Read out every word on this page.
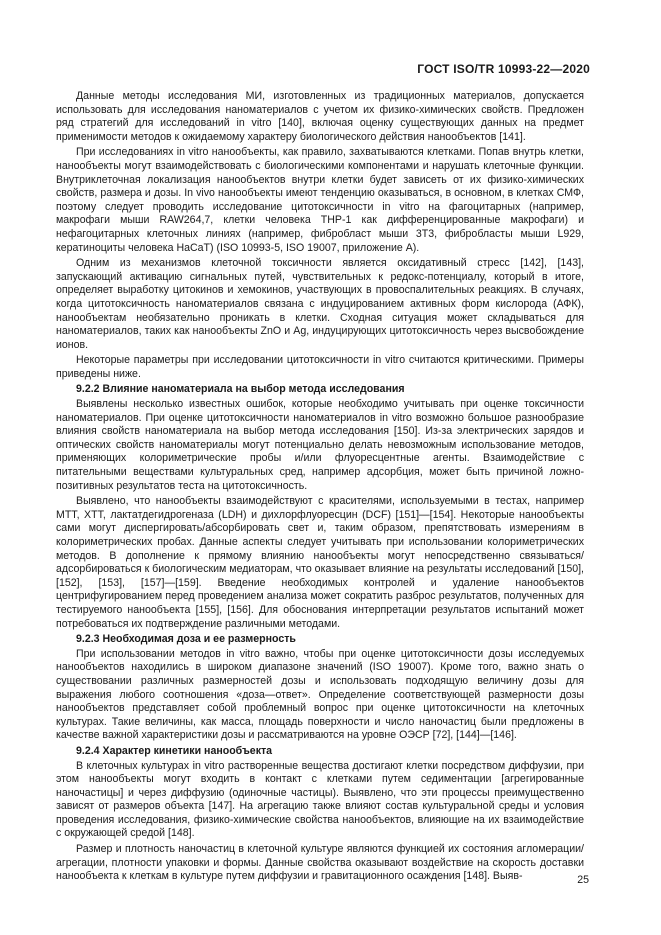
ГОСТ ISO/TR 10993-22—2020

Данные методы исследования МИ, изготовленных из традиционных материалов, допускается использовать для исследования наноматериалов с учетом их физико-химических свойств. Предложен ряд стратегий для исследований in vitro [140], включая оценку существующих данных на предмет применимости методов к ожидаемому характеру биологического действия нанообъектов [141].

При исследованиях in vitro нанообъекты, как правило, захватываются клетками. Попав внутрь клетки, нанообъекты могут взаимодействовать с биологическими компонентами и нарушать клеточные функции. Внутриклеточная локализация нанообъектов внутри клетки будет зависеть от их физико-химических свойств, размера и дозы. In vivo нанообъекты имеют тенденцию оказываться, в основном, в клетках СМФ, поэтому следует проводить исследование цитотоксичности in vitro на фагоцитарных (например, макрофаги мыши RAW264,7, клетки человека THP-1 как дифференцированные макрофаги) и нефагоцитарных клеточных линиях (например, фибробласт мыши 3Т3, фибробласты мыши L929, кератиноциты человека HaCaT) (ISO 10993-5, ISO 19007, приложение А).

Одним из механизмов клеточной токсичности является оксидативный стресс [142], [143], запускающий активацию сигнальных путей, чувствительных к редокс-потенциалу, который в итоге, определяет выработку цитокинов и хемокинов, участвующих в провоспалительных реакциях. В случаях, когда цитотоксичность наноматериалов связана с индуцированием активных форм кислорода (АФК), нанообъектам необязательно проникать в клетки. Сходная ситуация может складываться для наноматериалов, таких как нанообъекты ZnO и Ag, индуцирующих цитотоксичность через высвобождение ионов.

Некоторые параметры при исследовании цитотоксичности in vitro считаются критическими. Примеры приведены ниже.

9.2.2 Влияние наноматериала на выбор метода исследования

Выявлены несколько известных ошибок, которые необходимо учитывать при оценке токсичности наноматериалов. При оценке цитотоксичности наноматериалов in vitro возможно большое разнообразие влияния свойств наноматериала на выбор метода исследования [150]. Из-за электрических зарядов и оптических свойств наноматериалы могут потенциально делать невозможным использование методов, применяющих колориметрические пробы и/или флуоресцентные агенты. Взаимодействие с питательными веществами культуральных сред, например адсорбция, может быть причиной ложно-позитивных результатов теста на цитотоксичность.

Выявлено, что нанообъекты взаимодействуют с красителями, используемыми в тестах, например МТТ, ХТТ, лактатдегидрогеназа (LDH) и дихлорфлуоресцин (DCF) [151]—[154]. Некоторые нанообъекты сами могут диспергировать/абсорбировать свет и, таким образом, препятствовать измерениям в колориметрических пробах. Данные аспекты следует учитывать при использовании колориметрических методов. В дополнение к прямому влиянию нанообъекты могут непосредственно связываться/адсорбироваться к биологическим медиаторам, что оказывает влияние на результаты исследований [150], [152], [153], [157]—[159]. Введение необходимых контролей и удаление нанообъектов центрифугированием перед проведением анализа может сократить разброс результатов, полученных для тестируемого нанообъекта [155], [156]. Для обоснования интерпретации результатов испытаний может потребоваться их подтверждение различными методами.

9.2.3 Необходимая доза и ее размерность

При использовании методов in vitro важно, чтобы при оценке цитотоксичности дозы исследуемых нанообъектов находились в широком диапазоне значений (ISO 19007). Кроме того, важно знать о существовании различных размерностей дозы и использовать подходящую величину дозы для выражения любого соотношения «доза—ответ». Определение соответствующей размерности дозы нанообъектов представляет собой проблемный вопрос при оценке цитотоксичности на клеточных культурах. Такие величины, как масса, площадь поверхности и число наночастиц были предложены в качестве важной характеристики дозы и рассматриваются на уровне ОЭСР [72], [144]—[146].

9.2.4 Характер кинетики нанообъекта

В клеточных культурах in vitro растворенные вещества достигают клетки посредством диффузии, при этом нанообъекты могут входить в контакт с клетками путем седиментации [агрегированные наночастицы] и через диффузию (одиночные частицы). Выявлено, что эти процессы преимущественно зависят от размеров объекта [147]. На агрегацию также влияют состав культуральной среды и условия проведения исследования, физико-химические свойства нанообъектов, влияющие на их взаимодействие с окружающей средой [148].

Размер и плотность наночастиц в клеточной культуре являются функцией их состояния агломерации/агрегации, плотности упаковки и формы. Данные свойства оказывают воздействие на скорость доставки нанообъекта к клеткам в культуре путем диффузии и гравитационного осаждения [148]. Выяв-	25
